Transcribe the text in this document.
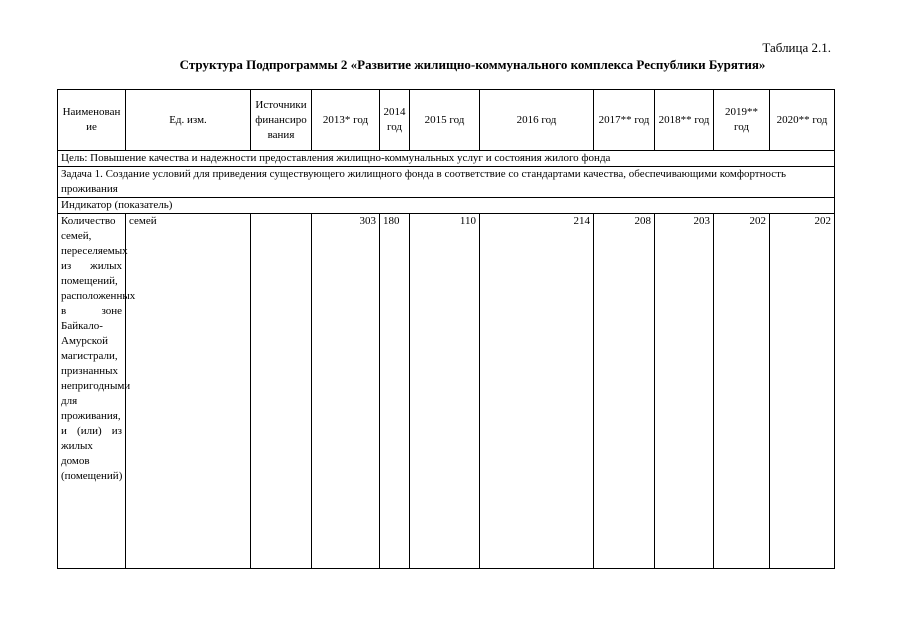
Таблица 2.1.
Структура Подпрограммы 2 «Развитие жилищно-коммунального комплекса Республики Бурятия»
Наименование	Ед. изм.	Источники финансирования	2013* год	2014 год	2015 год	2016 год	2017** год	2018** год	2019** год	2020** год
Цель: Повышение качества и надежности предоставления жилищно-коммунальных услуг и состояния жилого фонда										
Задача 1. Создание условий для приведения существующего жилищного фонда в соответствие со стандартами качества, обеспечивающими комфортность проживания										
Индикатор (показатель)										
Количество семей, переселяемых из жилых помещений, расположенных в зоне Байкало-Амурской магистрали, признанных непригодными для проживания, и (или) из жилых домов (помещений)	семей		303	180	110	214	208	203	202	202
